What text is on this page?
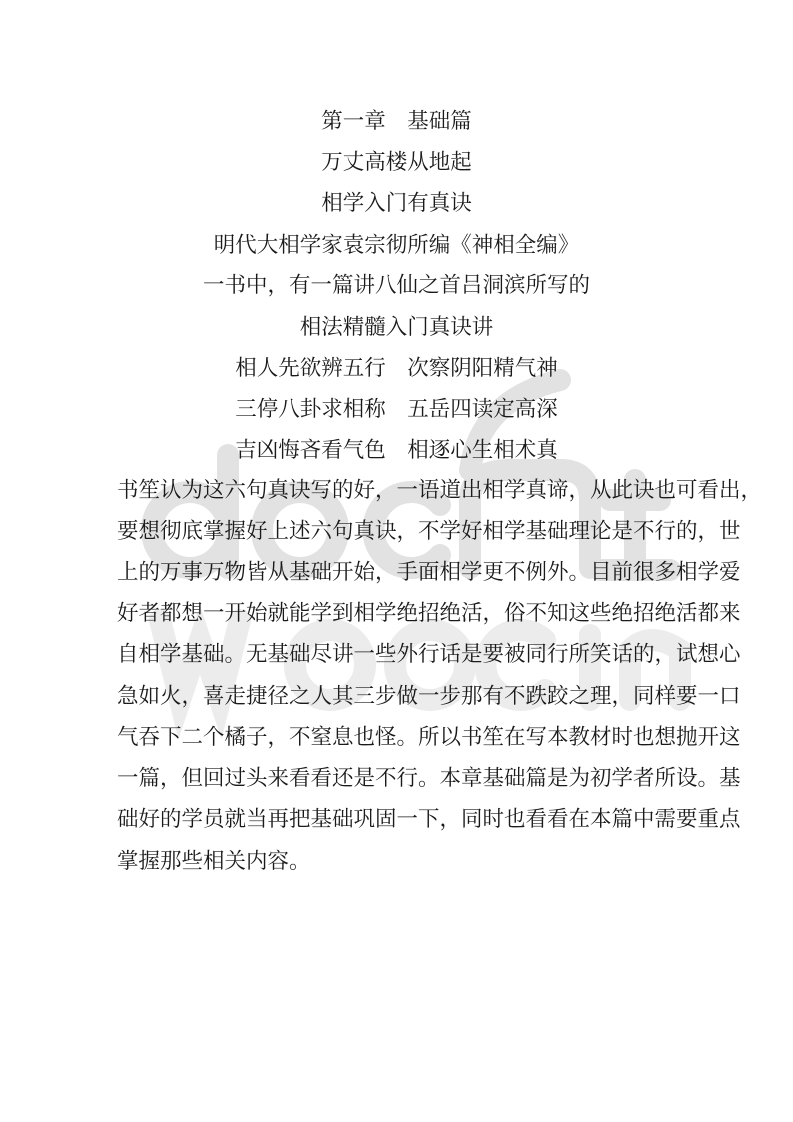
第一章　基础篇
万丈高楼从地起
相学入门有真诀
明代大相学家袁宗彻所编《神相全编》
一书中，有一篇讲八仙之首吕洞滨所写的
相法精髓入门真诀讲
相人先欲辨五行　次察阴阳精气神
三停八卦求相称　五岳四读定高深
吉凶悔吝看气色　相逐心生相术真
书笙认为这六句真诀写的好，一语道出相学真谛，从此诀也可看出，
要想彻底掌握好上述六句真诀，不学好相学基础理论是不行的，世
上的万事万物皆从基础开始，手面相学更不例外。目前很多相学爱
好者都想一开始就能学到相学绝招绝活，俗不知这些绝招绝活都来
自相学基础。无基础尽讲一些外行话是要被同行所笑话的，试想心
急如火，喜走捷径之人其三步做一步那有不跌跤之理，同样要一口
气吞下二个橘子，不窒息也怪。所以书笙在写本教材时也想抛开这
一篇，但回过头来看看还是不行。本章基础篇是为初学者所设。基
础好的学员就当再把基础巩固一下，同时也看看在本篇中需要重点
掌握那些相关内容。
